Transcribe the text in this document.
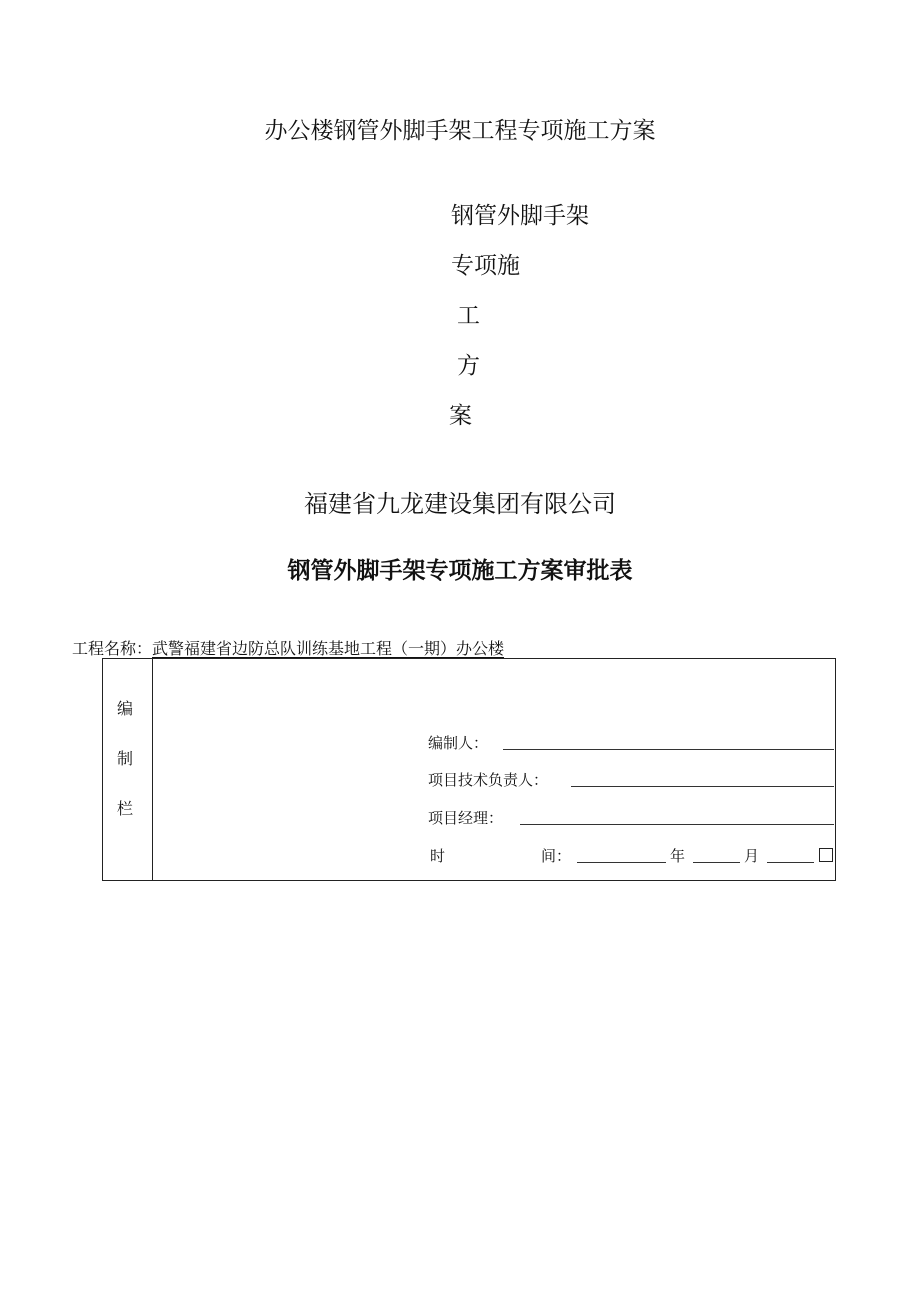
办公楼钢管外脚手架工程专项施工方案
钢管外脚手架
专项施
工
方
案
福建省九龙建设集团有限公司
钢管外脚手架专项施工方案审批表
工程名称：武警福建省边防总队训练基地工程（一期）办公楼
编
制
栏
编制人：
项目技术负责人：
项目经理：
时	间：	年	月
